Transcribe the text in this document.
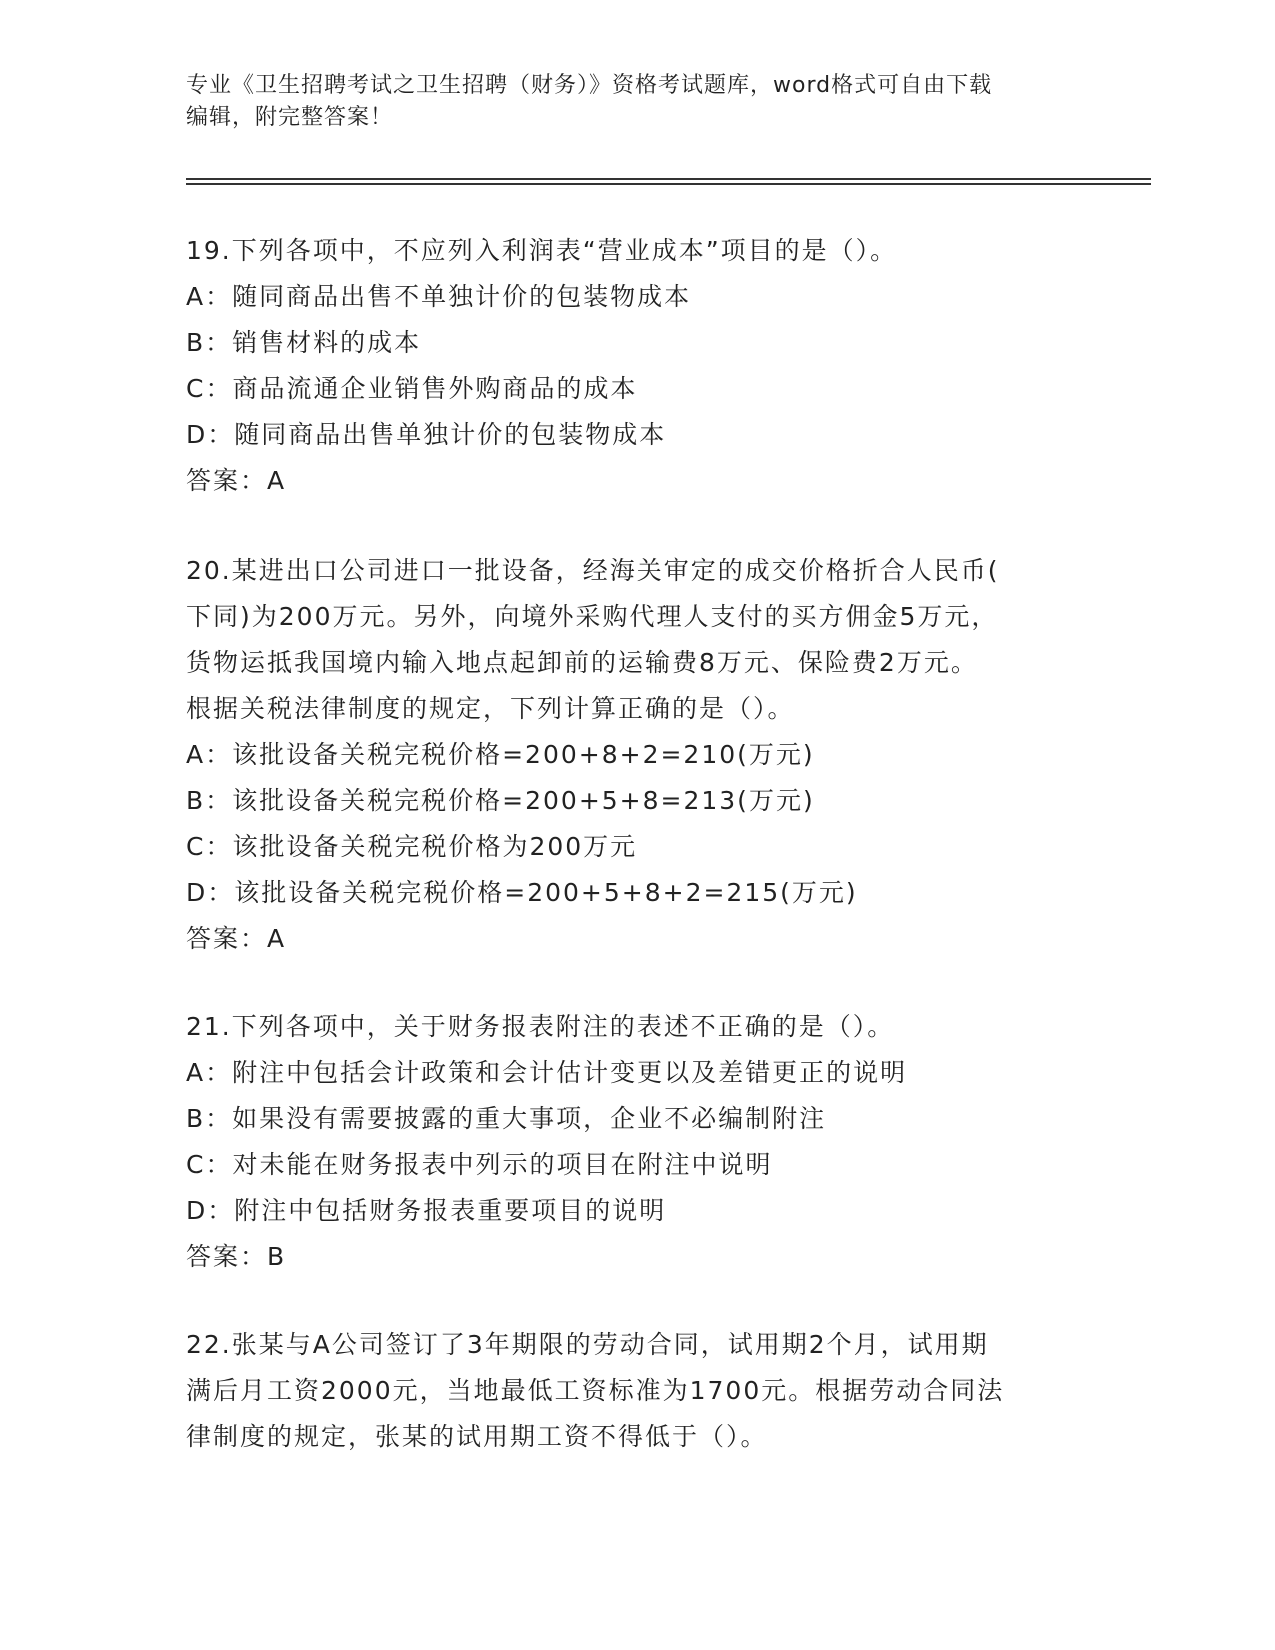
专业《卫生招聘考试之卫生招聘（财务）》资格考试题库，word格式可自由下载
编辑，附完整答案！
19.下列各项中，不应列入利润表“营业成本”项目的是（）。
A：随同商品出售不单独计价的包装物成本
B：销售材料的成本
C：商品流通企业销售外购商品的成本
D：随同商品出售单独计价的包装物成本
答案：A
20.某进出口公司进口一批设备，经海关审定的成交价格折合人民币(
下同)为200万元。另外，向境外采购代理人支付的买方佣金5万元，
货物运抵我国境内输入地点起卸前的运输费8万元、保险费2万元。
根据关税法律制度的规定，下列计算正确的是（）。
A：该批设备关税完税价格=200+8+2=210(万元)
B：该批设备关税完税价格=200+5+8=213(万元)
C：该批设备关税完税价格为200万元
D：该批设备关税完税价格=200+5+8+2=215(万元)
答案：A
21.下列各项中，关于财务报表附注的表述不正确的是（）。
A：附注中包括会计政策和会计估计变更以及差错更正的说明
B：如果没有需要披露的重大事项，企业不必编制附注
C：对未能在财务报表中列示的项目在附注中说明
D：附注中包括财务报表重要项目的说明
答案：B
22.张某与A公司签订了3年期限的劳动合同，试用期2个月，试用期
满后月工资2000元，当地最低工资标准为1700元。根据劳动合同法
律制度的规定，张某的试用期工资不得低于（）。
